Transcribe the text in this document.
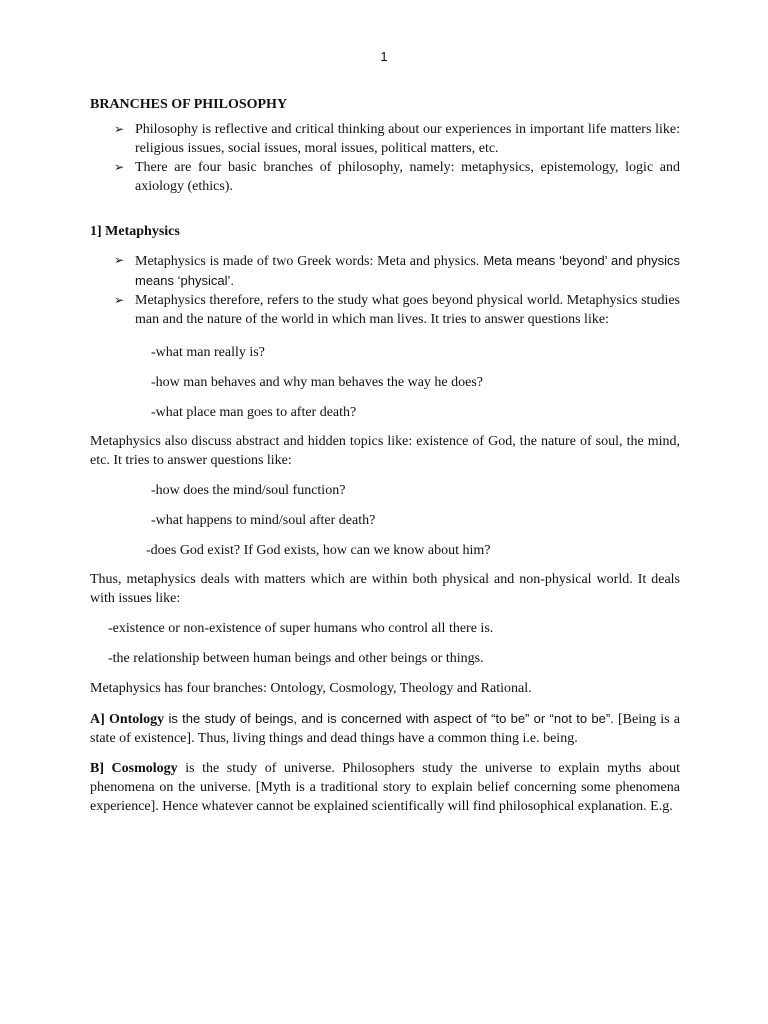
1
BRANCHES OF PHILOSOPHY
➢ Philosophy is reflective and critical thinking about our experiences in important life matters like: religious issues, social issues, moral issues, political matters, etc.
➢ There are four basic branches of philosophy, namely: metaphysics, epistemology, logic and axiology (ethics).
1] Metaphysics
➢ Metaphysics is made of two Greek words: Meta and physics. Meta means ‘beyond’ and physics means ‘physical’.
➢ Metaphysics therefore, refers to the study what goes beyond physical world. Metaphysics studies man and the nature of the world in which man lives. It tries to answer questions like:

-what man really is?

-how man behaves and why man behaves the way he does?

-what place man goes to after death?

Metaphysics also discuss abstract and hidden topics like: existence of God, the nature of soul, the mind, etc. It tries to answer questions like:

-how does the mind/soul function?

-what happens to mind/soul after death?

-does God exist? If God exists, how can we know about him?

Thus, metaphysics deals with matters which are within both physical and non-physical world. It deals with issues like:

-existence or non-existence of super humans who control all there is.

-the relationship between human beings and other beings or things.

Metaphysics has four branches: Ontology, Cosmology, Theology and Rational.

A] Ontology is the study of beings, and is concerned with aspect of “to be” or “not to be”. [Being is a state of existence]. Thus, living things and dead things have a common thing i.e. being.

B] Cosmology is the study of universe. Philosophers study the universe to explain myths about phenomena on the universe. [Myth is a traditional story to explain belief concerning some phenomena experience]. Hence whatever cannot be explained scientifically will find philosophical explanation. E.g.
